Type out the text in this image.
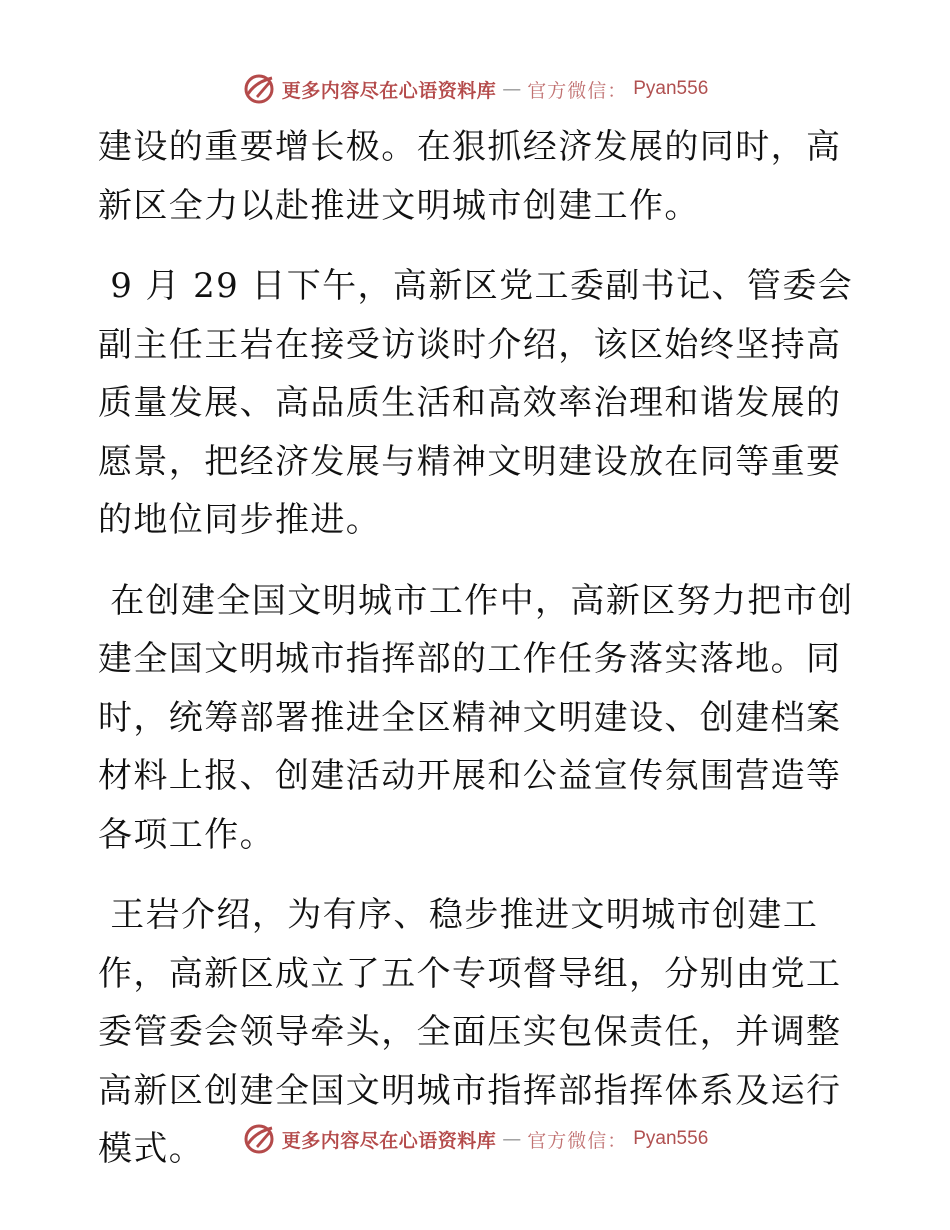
更多内容尽在心语资料库 — 官方微信： Pyan556

建设的重要增长极。在狠抓经济发展的同时，高新区全力以赴推进文明城市创建工作。

9 月 29 日下午，高新区党工委副书记、管委会副主任王岩在接受访谈时介绍，该区始终坚持高质量发展、高品质生活和高效率治理和谐发展的愿景，把经济发展与精神文明建设放在同等重要的地位同步推进。

在创建全国文明城市工作中，高新区努力把市创建全国文明城市指挥部的工作任务落实落地。同时，统筹部署推进全区精神文明建设、创建档案材料上报、创建活动开展和公益宣传氛围营造等各项工作。

王岩介绍，为有序、稳步推进文明城市创建工作，高新区成立了五个专项督导组，分别由党工委管委会领导牵头，全面压实包保责任，并调整高新区创建全国文明城市指挥部指挥体系及运行模式。	更多内容尽在心语资料库 — 官方微信： Pyan556
